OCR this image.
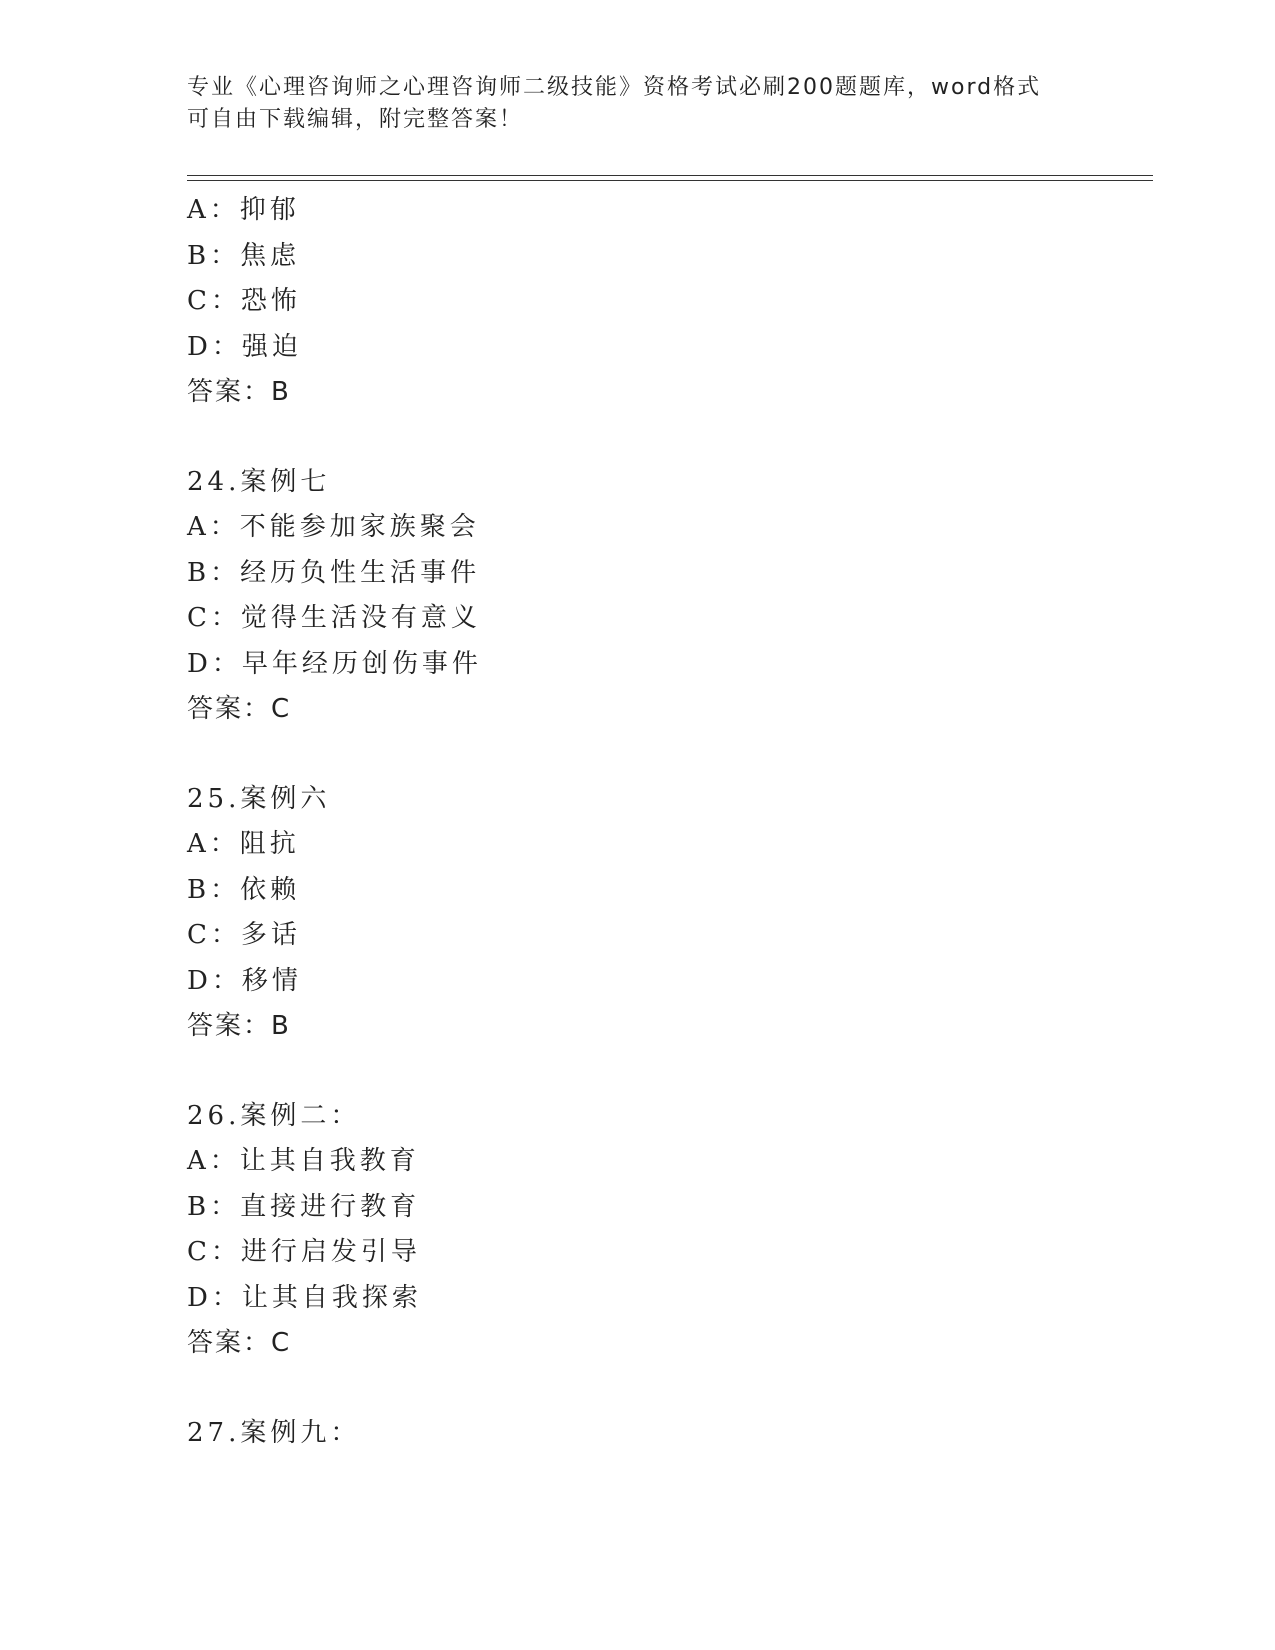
专业《心理咨询师之心理咨询师二级技能》资格考试必刷200题题库，word格式
可自由下载编辑，附完整答案！
A：抑郁
B：焦虑
C：恐怖
D：强迫
答案：B
24.案例七
A：不能参加家族聚会
B：经历负性生活事件
C：觉得生活没有意义
D：早年经历创伤事件
答案：C
25.案例六
A：阻抗
B：依赖
C：多话
D：移情
答案：B
26.案例二：
A：让其自我教育
B：直接进行教育
C：进行启发引导
D：让其自我探索
答案：C
27.案例九：
